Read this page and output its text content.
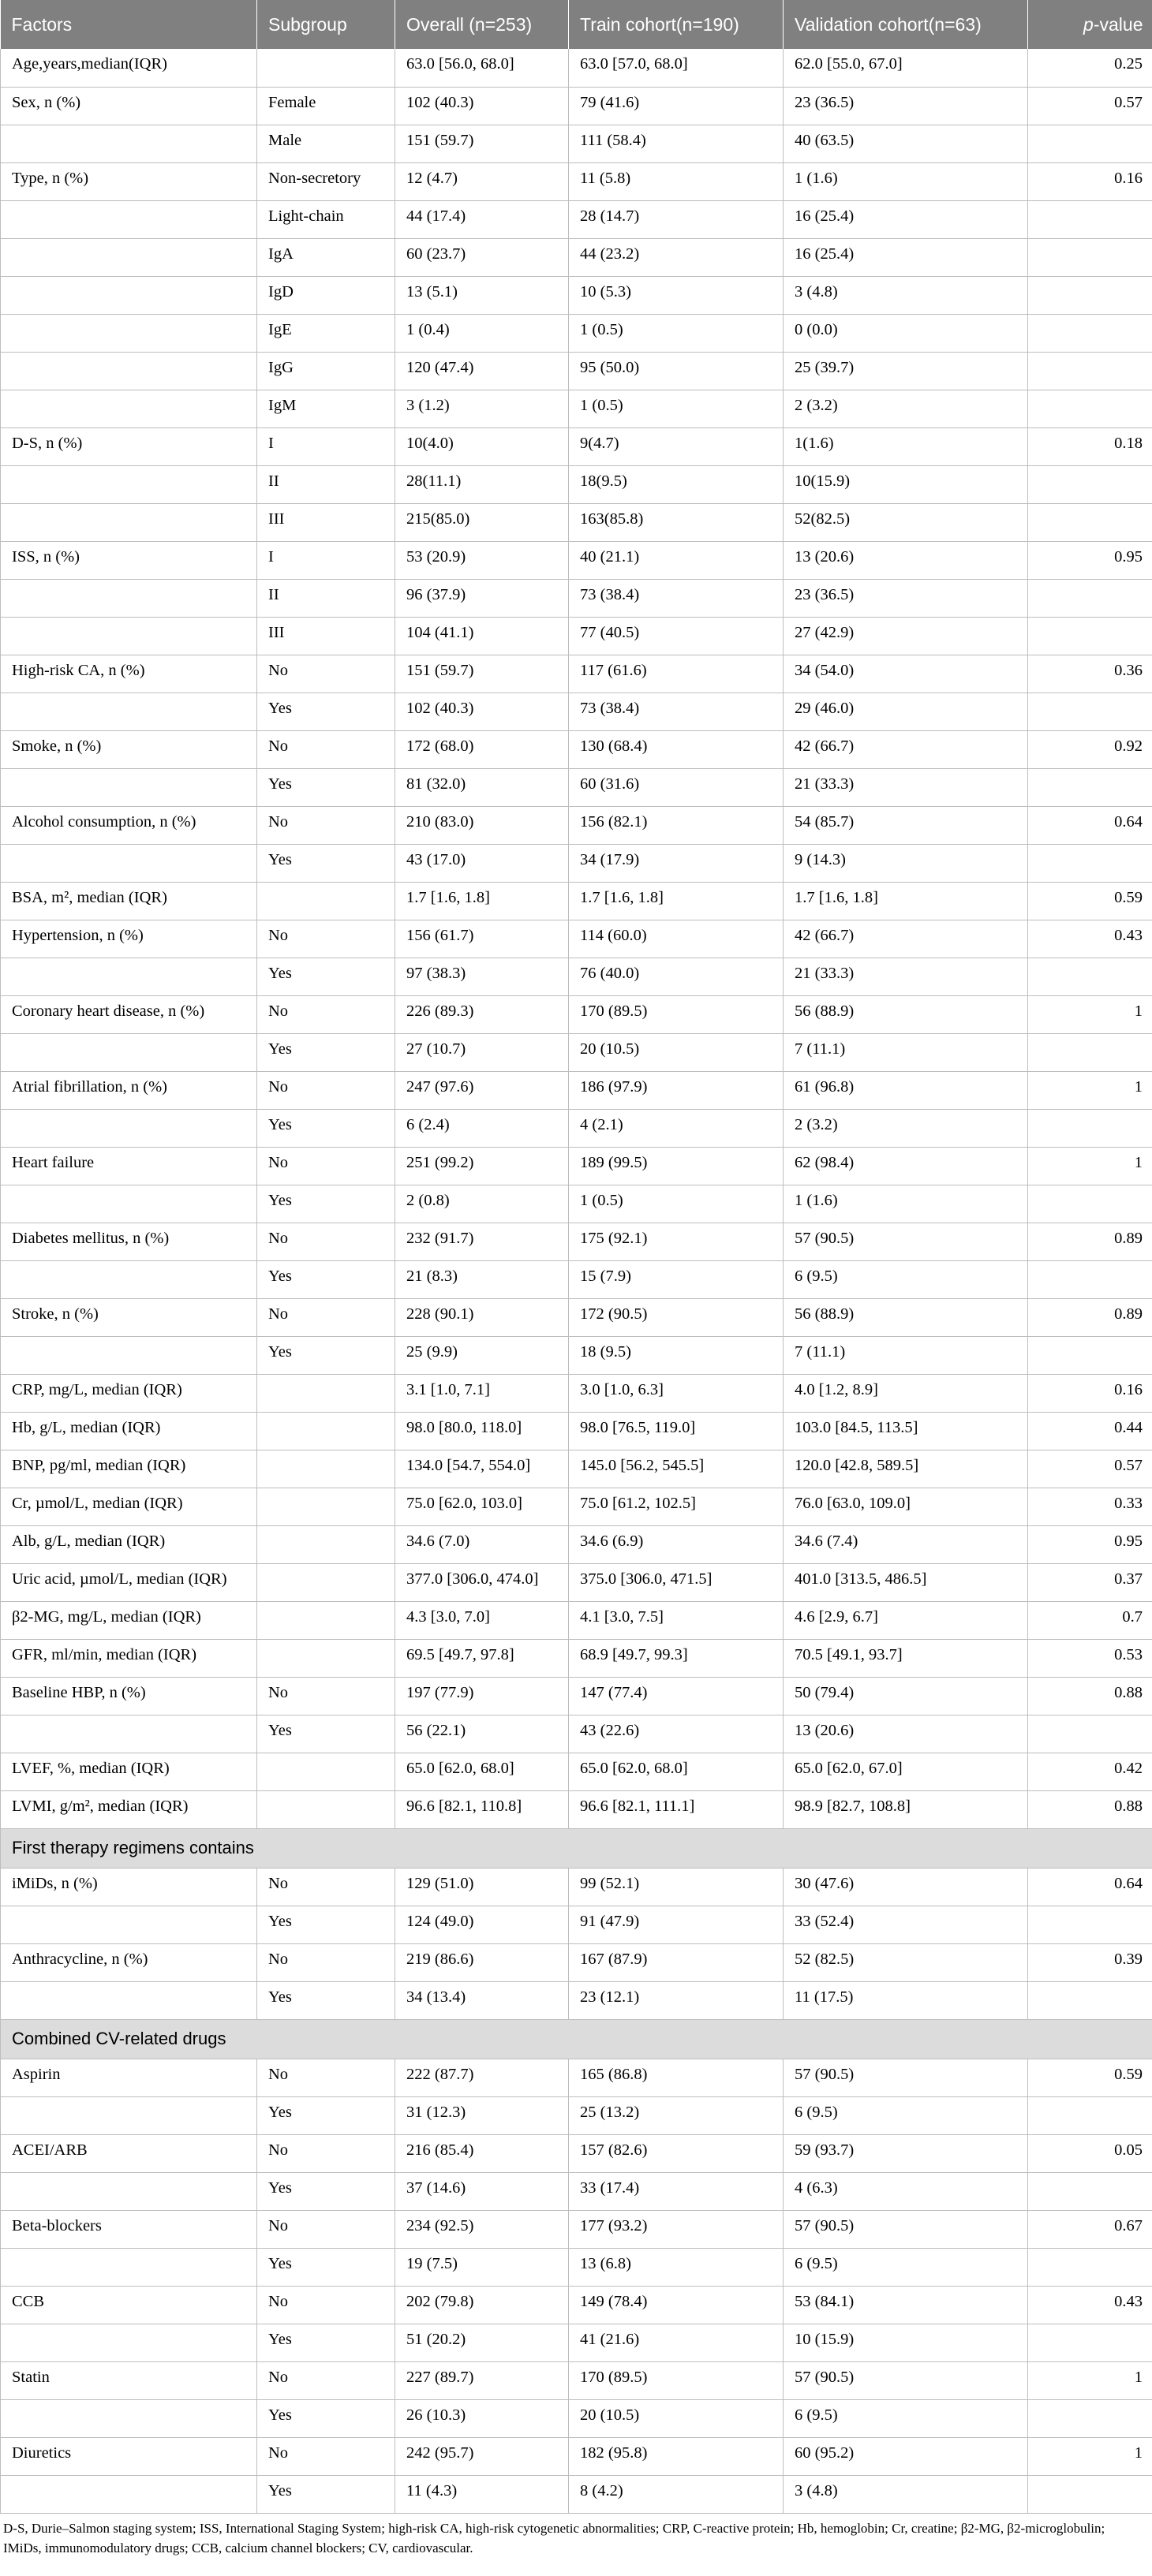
Factors	Subgroup	Overall (n=253)	Train cohort(n=190)	Validation cohort(n=63)	p-value
Age,years,median(IQR)		63.0 [56.0, 68.0]	63.0 [57.0, 68.0]	62.0 [55.0, 67.0]	0.25
Sex, n (%)	Female	102 (40.3)	79 (41.6)	23 (36.5)	0.57
	Male	151 (59.7)	111 (58.4)	40 (63.5)	
Type, n (%)	Non-secretory	12 (4.7)	11 (5.8)	1 (1.6)	0.16
	Light-chain	44 (17.4)	28 (14.7)	16 (25.4)	
	IgA	60 (23.7)	44 (23.2)	16 (25.4)	
	IgD	13 (5.1)	10 (5.3)	3 (4.8)	
	IgE	1 (0.4)	1 (0.5)	0 (0.0)	
	IgG	120 (47.4)	95 (50.0)	25 (39.7)	
	IgM	3 (1.2)	1 (0.5)	2 (3.2)	
D-S, n (%)	I	10(4.0)	9(4.7)	1(1.6)	0.18
	II	28(11.1)	18(9.5)	10(15.9)	
	III	215(85.0)	163(85.8)	52(82.5)	
ISS, n (%)	I	53 (20.9)	40 (21.1)	13 (20.6)	0.95
	II	96 (37.9)	73 (38.4)	23 (36.5)	
	III	104 (41.1)	77 (40.5)	27 (42.9)	
High-risk CA, n (%)	No	151 (59.7)	117 (61.6)	34 (54.0)	0.36
	Yes	102 (40.3)	73 (38.4)	29 (46.0)	
Smoke, n (%)	No	172 (68.0)	130 (68.4)	42 (66.7)	0.92
	Yes	81 (32.0)	60 (31.6)	21 (33.3)	
Alcohol consumption, n (%)	No	210 (83.0)	156 (82.1)	54 (85.7)	0.64
	Yes	43 (17.0)	34 (17.9)	9 (14.3)	
BSA, m², median (IQR)		1.7 [1.6, 1.8]	1.7 [1.6, 1.8]	1.7 [1.6, 1.8]	0.59
Hypertension, n (%)	No	156 (61.7)	114 (60.0)	42 (66.7)	0.43
	Yes	97 (38.3)	76 (40.0)	21 (33.3)	
Coronary heart disease, n (%)	No	226 (89.3)	170 (89.5)	56 (88.9)	1
	Yes	27 (10.7)	20 (10.5)	7 (11.1)	
Atrial fibrillation, n (%)	No	247 (97.6)	186 (97.9)	61 (96.8)	1
	Yes	6 (2.4)	4 (2.1)	2 (3.2)	
Heart failure	No	251 (99.2)	189 (99.5)	62 (98.4)	1
	Yes	2 (0.8)	1 (0.5)	1 (1.6)	
Diabetes mellitus, n (%)	No	232 (91.7)	175 (92.1)	57 (90.5)	0.89
	Yes	21 (8.3)	15 (7.9)	6 (9.5)	
Stroke, n (%)	No	228 (90.1)	172 (90.5)	56 (88.9)	0.89
	Yes	25 (9.9)	18 (9.5)	7 (11.1)	
CRP, mg/L, median (IQR)		3.1 [1.0, 7.1]	3.0 [1.0, 6.3]	4.0 [1.2, 8.9]	0.16
Hb, g/L, median (IQR)		98.0 [80.0, 118.0]	98.0 [76.5, 119.0]	103.0 [84.5, 113.5]	0.44
BNP, pg/ml, median (IQR)		134.0 [54.7, 554.0]	145.0 [56.2, 545.5]	120.0 [42.8, 589.5]	0.57
Cr, µmol/L, median (IQR)		75.0 [62.0, 103.0]	75.0 [61.2, 102.5]	76.0 [63.0, 109.0]	0.33
Alb, g/L, median (IQR)		34.6 (7.0)	34.6 (6.9)	34.6 (7.4)	0.95
Uric acid, µmol/L, median (IQR)		377.0 [306.0, 474.0]	375.0 [306.0, 471.5]	401.0 [313.5, 486.5]	0.37
β2-MG, mg/L, median (IQR)		4.3 [3.0, 7.0]	4.1 [3.0, 7.5]	4.6 [2.9, 6.7]	0.7
GFR, ml/min, median (IQR)		69.5 [49.7, 97.8]	68.9 [49.7, 99.3]	70.5 [49.1, 93.7]	0.53
Baseline HBP, n (%)	No	197 (77.9)	147 (77.4)	50 (79.4)	0.88
	Yes	56 (22.1)	43 (22.6)	13 (20.6)	
LVEF, %, median (IQR)		65.0 [62.0, 68.0]	65.0 [62.0, 68.0]	65.0 [62.0, 67.0]	0.42
LVMI, g/m², median (IQR)		96.6 [82.1, 110.8]	96.6 [82.1, 111.1]	98.9 [82.7, 108.8]	0.88
First therapy regimens contains					
iMiDs, n (%)	No	129 (51.0)	99 (52.1)	30 (47.6)	0.64
	Yes	124 (49.0)	91 (47.9)	33 (52.4)	
Anthracycline, n (%)	No	219 (86.6)	167 (87.9)	52 (82.5)	0.39
	Yes	34 (13.4)	23 (12.1)	11 (17.5)	
Combined CV-related drugs					
Aspirin	No	222 (87.7)	165 (86.8)	57 (90.5)	0.59
	Yes	31 (12.3)	25 (13.2)	6 (9.5)	
ACEI/ARB	No	216 (85.4)	157 (82.6)	59 (93.7)	0.05
	Yes	37 (14.6)	33 (17.4)	4 (6.3)	
Beta-blockers	No	234 (92.5)	177 (93.2)	57 (90.5)	0.67
	Yes	19 (7.5)	13 (6.8)	6 (9.5)	
CCB	No	202 (79.8)	149 (78.4)	53 (84.1)	0.43
	Yes	51 (20.2)	41 (21.6)	10 (15.9)	
Statin	No	227 (89.7)	170 (89.5)	57 (90.5)	1
	Yes	26 (10.3)	20 (10.5)	6 (9.5)	
Diuretics	No	242 (95.7)	182 (95.8)	60 (95.2)	1
	Yes	11 (4.3)	8 (4.2)	3 (4.8)	
D-S, Durie–Salmon staging system; ISS, International Staging System; high-risk CA, high-risk cytogenetic abnormalities; CRP, C-reactive protein; Hb, hemoglobin; Cr, creatine; β2-MG, β2-microglobulin; IMiDs, immunomodulatory drugs; CCB, calcium channel blockers; CV, cardiovascular.
